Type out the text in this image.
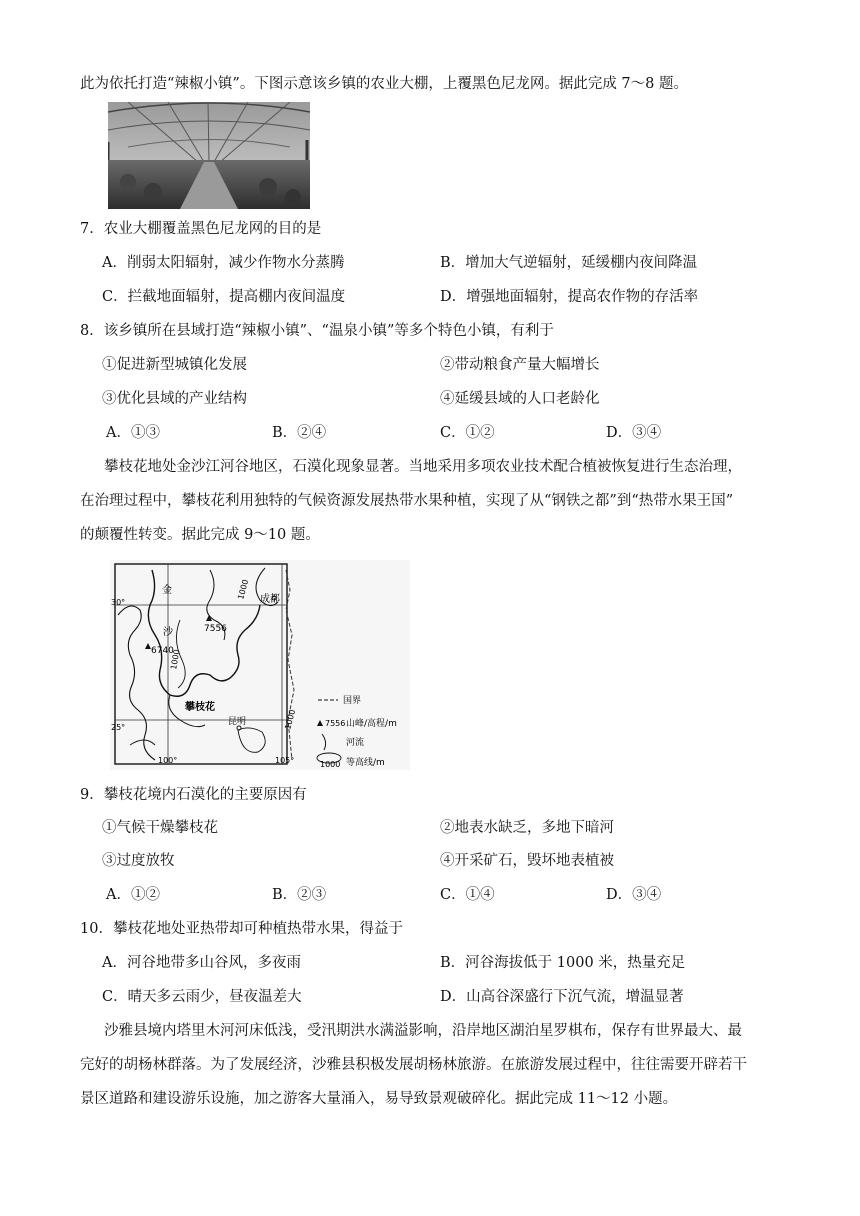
此为依托打造“辣椒小镇”。下图示意该乡镇的农业大棚，上覆黑色尼龙网。据此完成 7～8 题。
7．农业大棚覆盖黑色尼龙网的目的是
A．削弱太阳辐射，减少作物水分蒸腾	B．增加大气逆辐射，延缓棚内夜间降温
C．拦截地面辐射，提高棚内夜间温度	D．增强地面辐射，提高农作物的存活率
8．该乡镇所在县域打造“辣椒小镇”、“温泉小镇”等多个特色小镇，有利于
①促进新型城镇化发展	②带动粮食产量大幅增长
③优化县域的产业结构	④延缓县域的人口老龄化
A．①③	B．②④	C．①②	D．③④
攀枝花地处金沙江河谷地区，石漠化现象显著。当地采用多项农业技术配合植被恢复进行生态治理，
在治理过程中，攀枝花利用独特的气候资源发展热带水果种植，实现了从“钢铁之都”到“热带水果王国”
的颠覆性转变。据此完成 9～10 题。
金
沙
成都
7556
6740
1000
1000
1000
攀枝花
昆明
30°
25°
100°	105°
国界
7556 山峰/高程/m
河流
1000 等高线/m
9．攀枝花境内石漠化的主要原因有
①气候干燥攀枝花	②地表水缺乏，多地下暗河
③过度放牧	④开采矿石，毁坏地表植被
A．①②	B．②③	C．①④	D．③④
10．攀枝花地处亚热带却可种植热带水果，得益于
A．河谷地带多山谷风，多夜雨	B．河谷海拔低于 1000 米，热量充足
C．晴天多云雨少，昼夜温差大	D．山高谷深盛行下沉气流，增温显著
沙雅县境内塔里木河河床低浅，受汛期洪水满溢影响，沿岸地区湖泊星罗棋布，保存有世界最大、最
完好的胡杨林群落。为了发展经济，沙雅县积极发展胡杨林旅游。在旅游发展过程中，往往需要开辟若干
景区道路和建设游乐设施，加之游客大量涌入，易导致景观破碎化。据此完成 11～12 小题。
